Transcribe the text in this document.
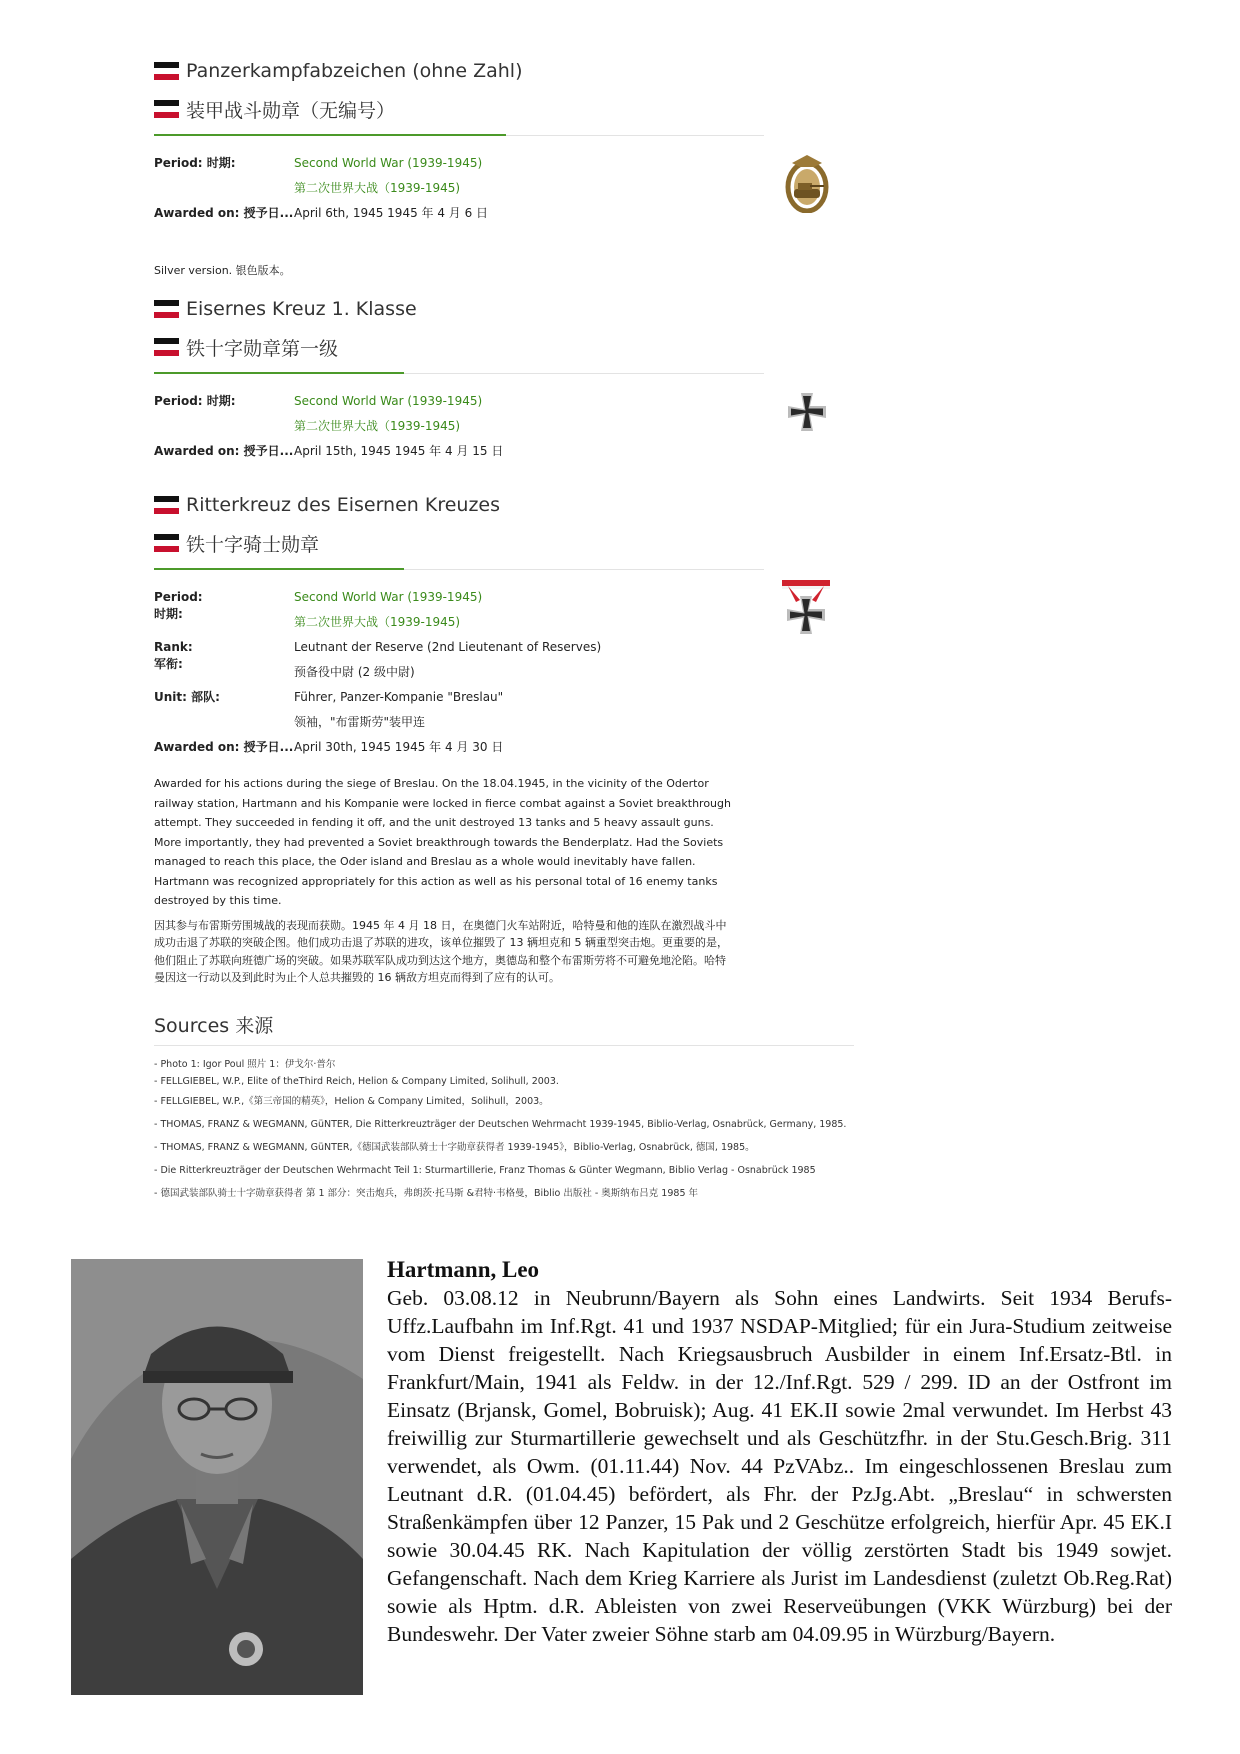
Panzerkampfabzeichen (ohne Zahl)
装甲战斗勋章（无编号）
Period: 时期:	Second World War (1939-1945)
第二次世界大战（1939-1945)
Awarded on: 授予日... April 6th, 1945 1945 年 4 月 6 日
Silver version. 银色版本。
Eisernes Kreuz 1. Klasse
铁十字勋章第一级
Period: 时期:	Second World War (1939-1945)
第二次世界大战（1939-1945)
Awarded on: 授予日... April 15th, 1945 1945 年 4 月 15 日
Ritterkreuz des Eisernen Kreuzes
铁十字骑士勋章
Period:
时期:
Second World War (1939-1945)
第二次世界大战（1939-1945)
Rank:
军衔:
Leutnant der Reserve (2nd Lieutenant of Reserves)
预备役中尉 (2 级中尉)
Unit: 部队:	Führer, Panzer-Kompanie "Breslau"
领袖，"布雷斯劳"装甲连
Awarded on: 授予日... April 30th, 1945 1945 年 4 月 30 日
Awarded for his actions during the siege of Breslau. On the 18.04.1945, in the vicinity of the Odertor railway station, Hartmann and his Kompanie were locked in fierce combat against a Soviet breakthrough attempt. They succeeded in fending it off, and the unit destroyed 13 tanks and 5 heavy assault guns. More importantly, they had prevented a Soviet breakthrough towards the Benderplatz. Had the Soviets managed to reach this place, the Oder island and Breslau as a whole would inevitably have fallen. Hartmann was recognized appropriately for this action as well as his personal total of 16 enemy tanks destroyed by this time.
因其参与布雷斯劳围城战的表现而获勋。1945 年 4 月 18 日，在奥德门火车站附近，哈特曼和他的连队在激烈战斗中成功击退了苏联的突破企图。他们成功击退了苏联的进攻，该单位摧毁了 13 辆坦克和 5 辆重型突击炮。更重要的是，他们阻止了苏联向班德广场的突破。如果苏联军队成功到达这个地方，奥德岛和整个布雷斯劳将不可避免地沦陷。哈特曼因这一行动以及到此时为止个人总共摧毁的 16 辆敌方坦克而得到了应有的认可。
Sources 来源
- Photo 1: Igor Poul 照片 1：伊戈尔·普尔
- FELLGIEBEL, W.P., Elite of theThird Reich, Helion & Company Limited, Solihull, 2003.
- FELLGIEBEL, W.P.,《第三帝国的精英》，Helion & Company Limited，Solihull，2003。
- THOMAS, FRANZ & WEGMANN, GüNTER, Die Ritterkreuzträger der Deutschen Wehrmacht 1939-1945, Biblio-Verlag, Osnabrück, Germany, 1985.
- THOMAS, FRANZ & WEGMANN, GüNTER,《德国武装部队骑士十字勋章获得者 1939-1945》，Biblio-Verlag, Osnabrück, 德国, 1985。
- Die Ritterkreuzträger der Deutschen Wehrmacht Teil 1: Sturmartillerie, Franz Thomas & Günter Wegmann, Biblio Verlag - Osnabrück 1985
- 德国武装部队骑士十字勋章获得者 第 1 部分：突击炮兵，弗朗茨·托马斯 &君特·韦格曼，Biblio 出版社 - 奥斯纳布吕克 1985 年
Hartmann, Leo
Geb. 03.08.12 in Neubrunn/Bayern als Sohn eines Landwirts. Seit 1934 Berufs-Uffz.Laufbahn im Inf.Rgt. 41 und 1937 NSDAP-Mitglied; für ein Jura-Studium zeitweise vom Dienst freigestellt. Nach Kriegsausbruch Ausbilder in einem Inf.Ersatz-Btl. in Frankfurt/Main, 1941 als Feldw. in der 12./Inf.Rgt. 529 / 299. ID an der Ostfront im Einsatz (Brjansk, Gomel, Bobruisk); Aug. 41 EK.II sowie 2mal verwundet. Im Herbst 43 freiwillig zur Sturmartillerie gewechselt und als Geschützfhr. in der Stu.Gesch.Brig. 311 verwendet, als Owm. (01.11.44) Nov. 44 PzVAbz.. Im eingeschlossenen Breslau zum Leutnant d.R. (01.04.45) befördert, als Fhr. der PzJg.Abt. „Breslau“ in schwersten Straßenkämpfen über 12 Panzer, 15 Pak und 2 Geschütze erfolgreich, hierfür Apr. 45 EK.I sowie 30.04.45 RK. Nach Kapitulation der völlig zerstörten Stadt bis 1949 sowjet. Gefangenschaft. Nach dem Krieg Karriere als Jurist im Landesdienst (zuletzt Ob.Reg.Rat) sowie als Hptm. d.R. Ableisten von zwei Reserveübungen (VKK Würzburg) bei der Bundeswehr. Der Vater zweier Söhne starb am 04.09.95 in Würzburg/Bayern.
